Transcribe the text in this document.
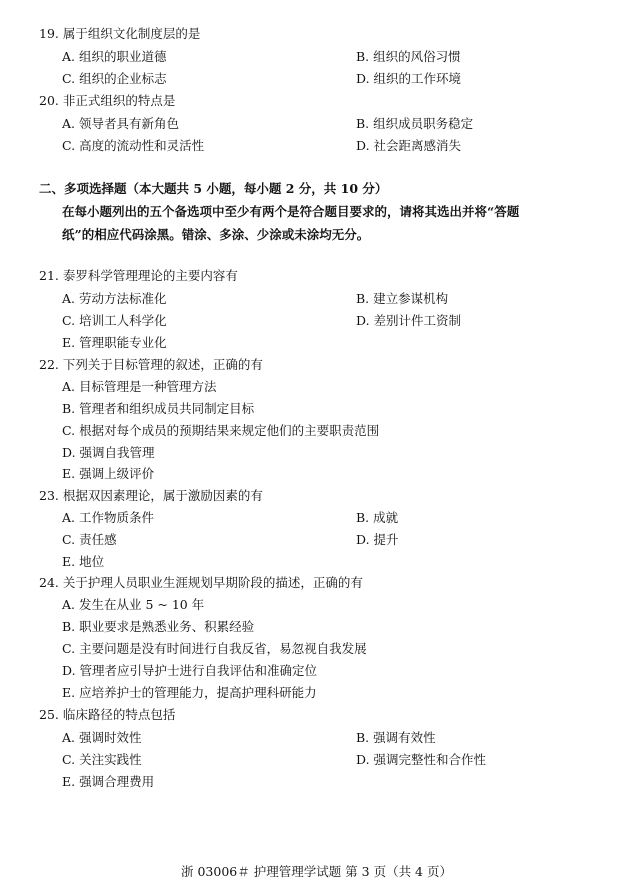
19. 属于组织文化制度层的是
A. 组织的职业道德	B. 组织的风俗习惯
C. 组织的企业标志	D. 组织的工作环境
20. 非正式组织的特点是
A. 领导者具有新角色	B. 组织成员职务稳定
C. 高度的流动性和灵活性	D. 社会距离感消失
二、多项选择题（本大题共 5 小题，每小题 2 分，共 10 分）
在每小题列出的五个备选项中至少有两个是符合题目要求的，请将其选出并将“答题
纸”的相应代码涂黑。错涂、多涂、少涂或未涂均无分。
21. 泰罗科学管理理论的主要内容有
A. 劳动方法标准化	B. 建立参谋机构
C. 培训工人科学化	D. 差别计件工资制
E. 管理职能专业化
22. 下列关于目标管理的叙述，正确的有
A. 目标管理是一种管理方法
B. 管理者和组织成员共同制定目标
C. 根据对每个成员的预期结果来规定他们的主要职责范围
D. 强调自我管理
E. 强调上级评价
23. 根据双因素理论，属于激励因素的有
A. 工作物质条件	B. 成就
C. 责任感	D. 提升
E. 地位
24. 关于护理人员职业生涯规划早期阶段的描述，正确的有
A. 发生在从业 5 ~ 10 年
B. 职业要求是熟悉业务、积累经验
C. 主要问题是没有时间进行自我反省，易忽视自我发展
D. 管理者应引导护士进行自我评估和准确定位
E. 应培养护士的管理能力，提高护理科研能力
25. 临床路径的特点包括
A. 强调时效性	B. 强调有效性
C. 关注实践性	D. 强调完整性和合作性
E. 强调合理费用
浙 03006＃ 护理管理学试题 第 3 页（共 4 页）
